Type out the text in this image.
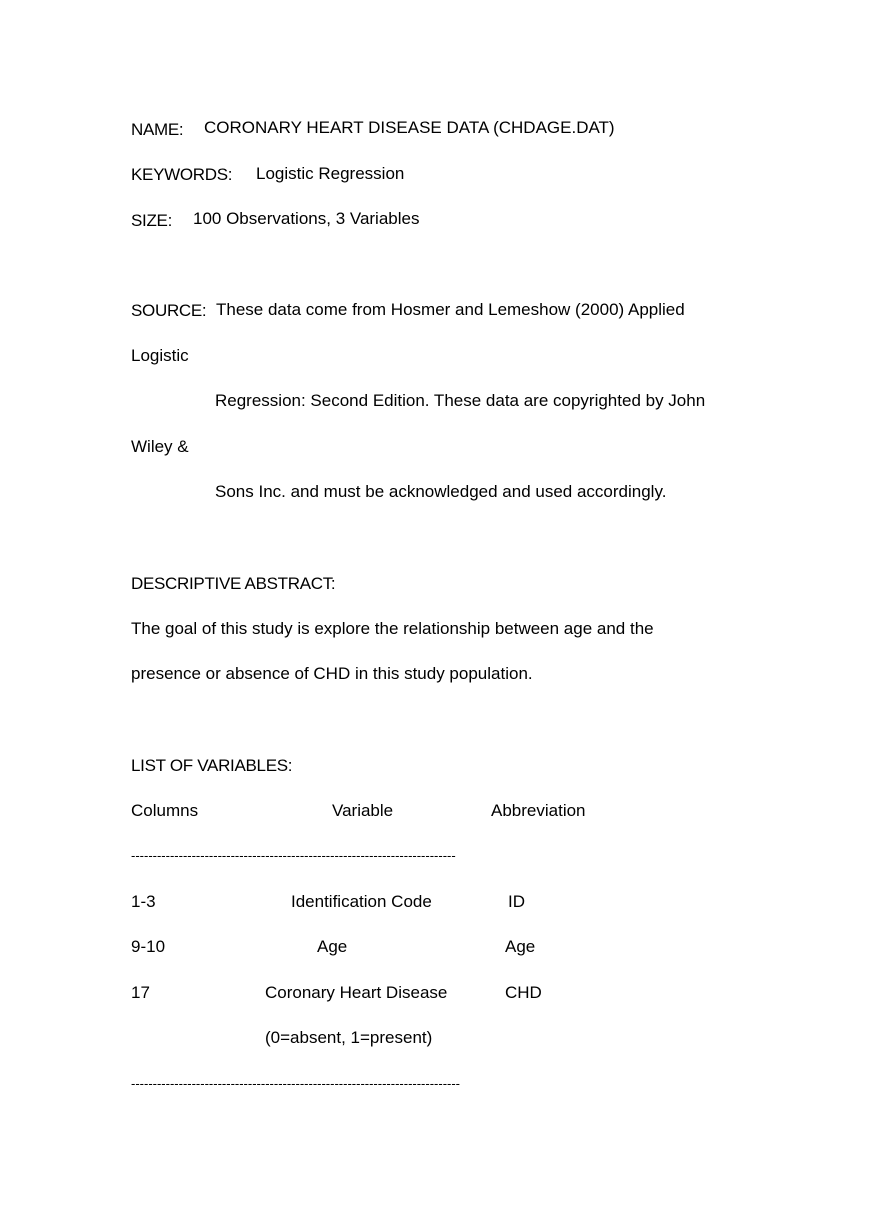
NAME: CORONARY HEART DISEASE DATA (CHDAGE.DAT)
KEYWORDS: Logistic Regression
SIZE: 100 Observations, 3 Variables
SOURCE: These data come from Hosmer and Lemeshow (2000) Applied
Logistic
Regression: Second Edition. These data are copyrighted by John
Wiley &
Sons Inc. and must be acknowledged and used accordingly.
DESCRIPTIVE ABSTRACT:
The goal of this study is explore the relationship between age and the
presence or absence of CHD in this study population.
LIST OF VARIABLES:
Columns	Variable	Abbreviation
---------------------------------------------------------------------------
1-3	Identification Code	ID
9-10	Age	Age
17	Coronary Heart Disease	CHD
(0=absent, 1=present)
----------------------------------------------------------------------------
